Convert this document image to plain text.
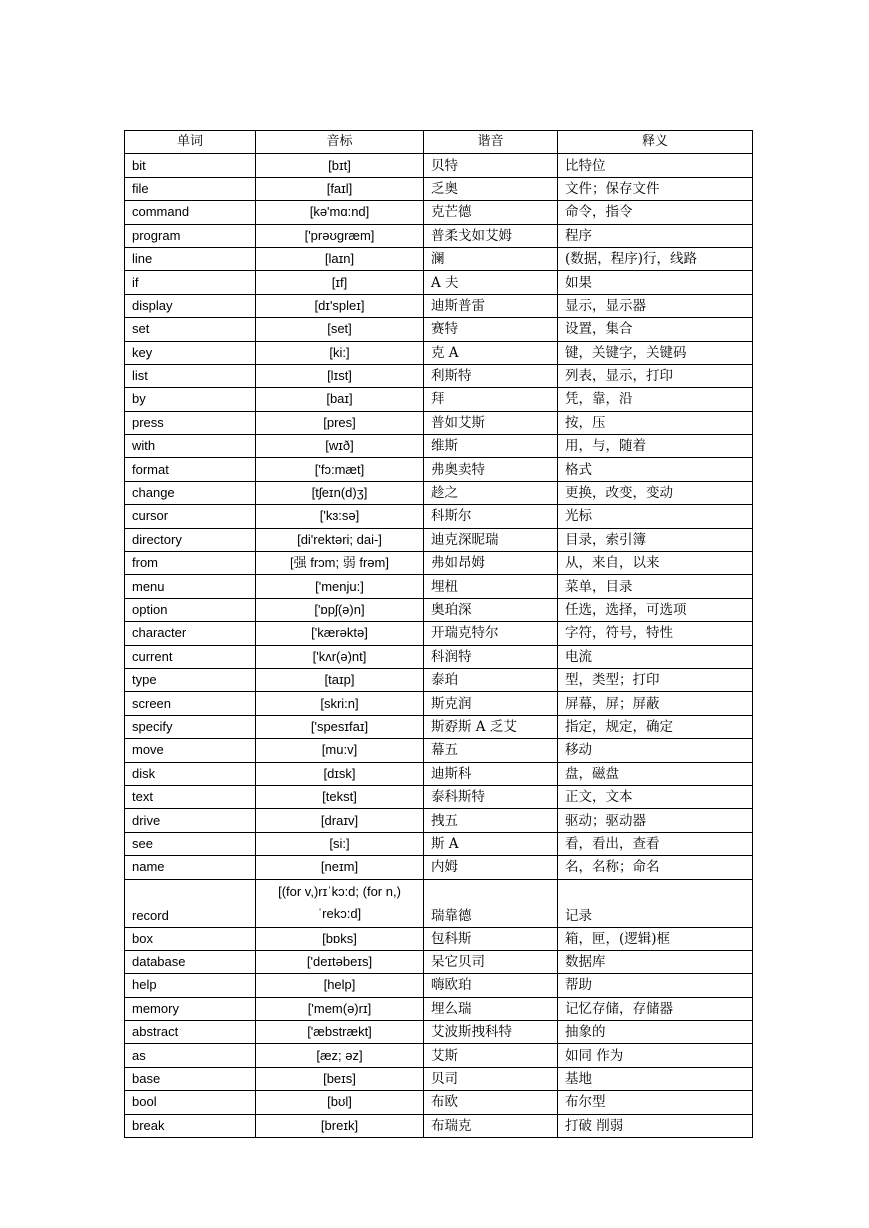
单词	音标	谐音	释义
bit	[bɪt]	贝特	比特位
file	[faɪl]	乏奥	文件；保存文件
command	[kə'mɑ:nd]	克芒德	命令，指令
program	['prəʊɡræm]	普柔戈如艾姆	程序
line	[laɪn]	澜	(数据，程序)行，线路
if	[ɪf]	A 夫	如果
display	[dɪ'spleɪ]	迪斯普雷	显示，显示器
set	[set]	赛特	设置，集合
key	[ki:]	克 A	键，关键字，关键码
list	[lɪst]	利斯特	列表，显示，打印
by	[baɪ]	拜	凭，靠，沿
press	[pres]	普如艾斯	按，压
with	[wɪð]	维斯	用，与，随着
format	['fɔ:mæt]	弗奥卖特	格式
change	[tʃeɪn(d)ʒ]	趁之	更换，改变，变动
cursor	['kɜ:sə]	科斯尔	光标
directory	[di'rektəri; dai-]	迪克深昵瑞	目录，索引簿
from	[强 frɔm; 弱 frəm]	弗如昂姆	从，来自，以来
menu	['menju:]	埋杻	菜单，目录
option	['ɒpʃ(ə)n]	奥珀深	任选，选择，可选项
character	['kærəktə]	开瑞克特尔	字符，符号，特性
current	['kʌr(ə)nt]	科润特	电流
type	[taɪp]	泰珀	型，类型；打印
screen	[skri:n]	斯克润	屏幕，屏；屏蔽
specify	['spesɪfaɪ]	斯孬斯 A 乏艾	指定，规定，确定
move	[mu:v]	幕五	移动
disk	[dɪsk]	迪斯科	盘，磁盘
text	[tekst]	泰科斯特	正文，文本
drive	[draɪv]	拽五	驱动；驱动器
see	[si:]	斯 A	看，看出，查看
name	[neɪm]	内姆	名，名称；命名
record	[(for v,)rɪˈkɔ:d; (for n,) ˈrekɔ:d]	瑞靠德	记录
box	[bɒks]	包科斯	箱，匣，(逻辑)框
database	['deɪtəbeɪs]	呆它贝司	数据库
help	[help]	嗨欧珀	帮助
memory	['mem(ə)rɪ]	埋么瑞	记忆存储，存储器
abstract	['æbstrækt]	艾波斯拽科特	抽象的
as	[æz; əz]	艾斯	如同 作为
base	[beɪs]	贝司	基地
bool	[bʊl]	布欧	布尔型
break	[breɪk]	布瑞克	打破 削弱
